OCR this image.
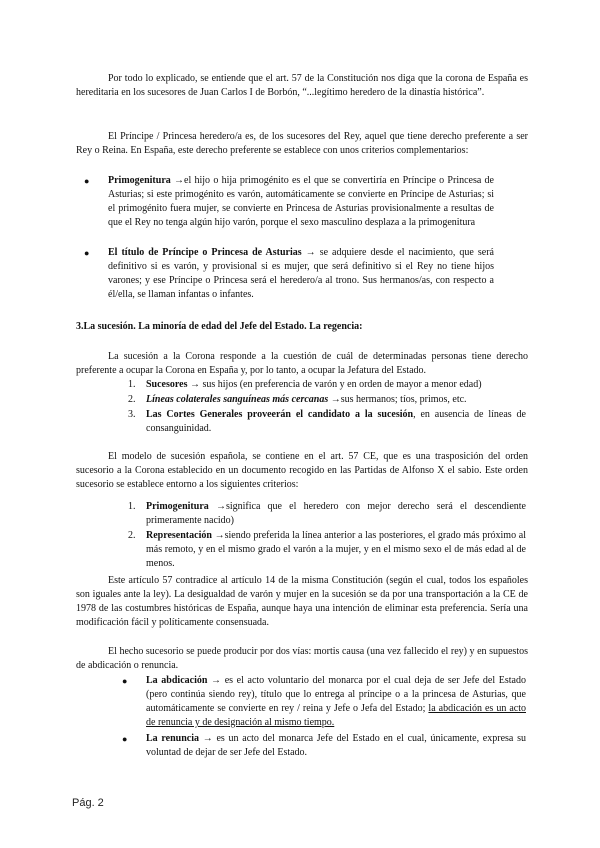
Por todo lo explicado, se entiende que el art. 57 de la Constitución nos diga que la corona de España es hereditaria en los sucesores de Juan Carlos I de Borbón, “...legítimo heredero de la dinastía histórica”.

El Príncipe / Princesa heredero/a es, de los sucesores del Rey, aquel que tiene derecho preferente a ser Rey o Reina. En España, este derecho preferente se establece con unos criterios complementarios:

● Primogenitura →el hijo o hija primogénito es el que se convertiría en Príncipe o Princesa de Asturias; si este primogénito es varón, automáticamente se convierte en Príncipe de Asturias; si el primogénito fuera mujer, se convierte en Princesa de Asturias provisionalmente a resultas de que el Rey no tenga algún hijo varón, porque el sexo masculino desplaza a la primogenitura
● El título de Príncipe o Princesa de Asturias → se adquiere desde el nacimiento, que será definitivo si es varón, y provisional si es mujer, que será definitivo si el Rey no tiene hijos varones; y ese Príncipe o Princesa será el heredero/a al trono. Sus hermanos/as, con respecto a él/ella, se llaman infantas o infantes.

3.La sucesión. La minoría de edad del Jefe del Estado. La regencia:

La sucesión a la Corona responde a la cuestión de cuál de determinadas personas tiene derecho preferente a ocupar la Corona en España y, por lo tanto, a ocupar la Jefatura del Estado.

1. Sucesores → sus hijos (en preferencia de varón y en orden de mayor a menor edad)
2. Líneas colaterales sanguíneas más cercanas →sus hermanos; tíos, primos, etc.
3. Las Cortes Generales proveerán el candidato a la sucesión, en ausencia de líneas de consanguinidad.

El modelo de sucesión española, se contiene en el art. 57 CE, que es una trasposición del orden sucesorio a la Corona establecido en un documento recogido en las Partidas de Alfonso X el sabio. Este orden sucesorio se establece entorno a los siguientes criterios:

1. Primogenitura →significa que el heredero con mejor derecho será el descendiente primeramente nacido)
2. Representación →siendo preferida la línea anterior a las posteriores, el grado más próximo al más remoto, y en el mismo grado el varón a la mujer, y en el mismo sexo el de más edad al de menos.

Este artículo 57 contradice al artículo 14 de la misma Constitución (según el cual, todos los españoles son iguales ante la ley). La desigualdad de varón y mujer en la sucesión se da por una transportación a la CE de 1978 de las costumbres históricas de España, aunque haya una intención de eliminar esta preferencia. Sería una modificación fácil y políticamente consensuada.

El hecho sucesorio se puede producir por dos vías: mortis causa (una vez fallecido el rey) y en supuestos de abdicación o renuncia.

● La abdicación → es el acto voluntario del monarca por el cual deja de ser Jefe del Estado (pero continúa siendo rey), título que lo entrega al príncipe o a la princesa de Asturias, que automáticamente se convierte en rey / reina y Jefe o Jefa del Estado; la abdicación es un acto de renuncia y de designación al mismo tiempo.
● La renuncia → es un acto del monarca Jefe del Estado en el cual, únicamente, expresa su voluntad de dejar de ser Jefe del Estado.
Pág. 2
